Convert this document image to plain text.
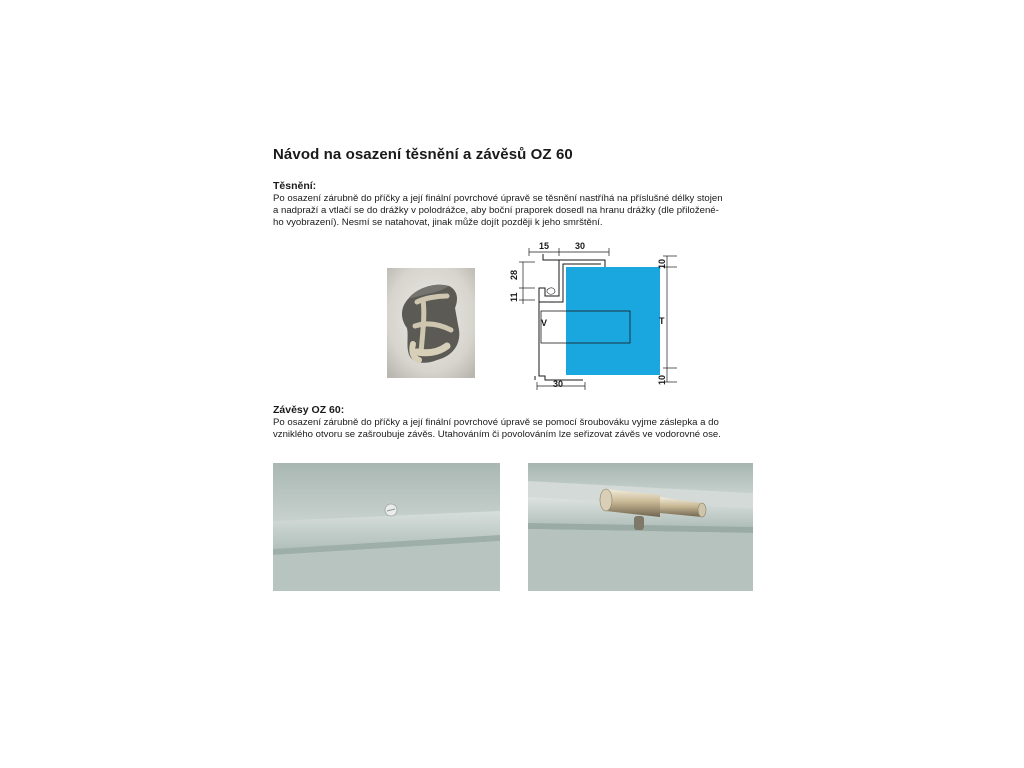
Návod na osazení těsnění a závěsů OZ 60
Těsnění:
Po osazení zárubně do příčky a její finální povrchové úpravě se těsnění nastříhá na příslušné délky stojen
a nadpraží a vtlačí se do drážky v polodrážce, aby boční praporek dosedl na hranu drážky (dle přiložené-
ho vyobrazení). Nesmí se natahovat, jinak může dojít později k jeho smrštění.
15	30
28
11
10
10
T
V
30
Závěsy OZ 60:
Po osazení zárubně do příčky a její finální povrchové úpravě se pomocí šroubováku vyjme záslepka a do
vzniklého otvoru se zašroubuje závěs. Utahováním či povolováním lze seřizovat závěs ve vodorovné ose.
